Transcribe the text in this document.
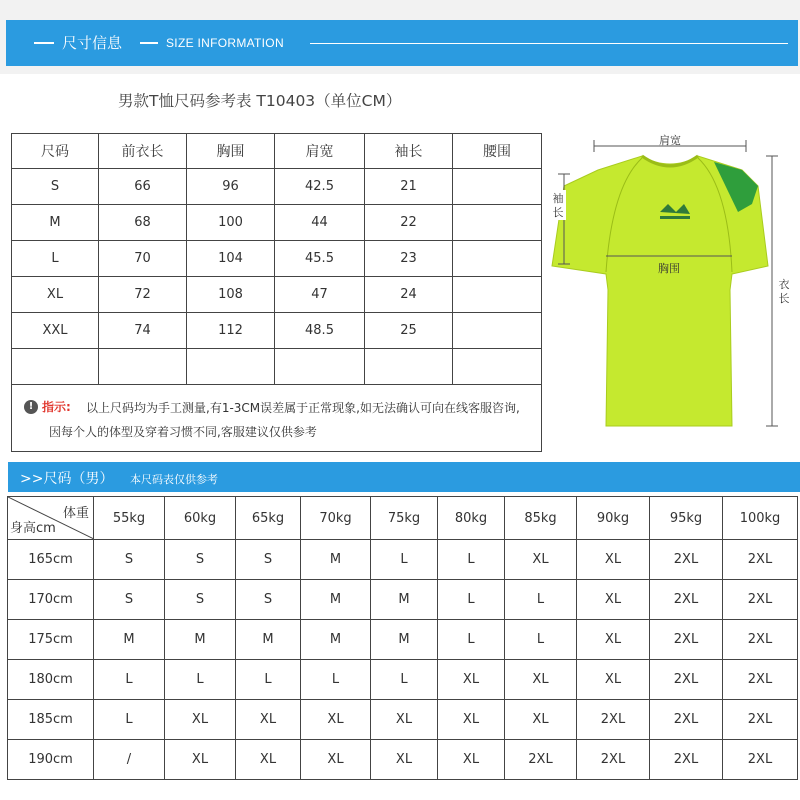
尺寸信息	SIZE INFORMATION
男款T恤尺码参考表 T10403（单位CM）
尺码	前衣长	胸围	肩宽	袖长	腰围
S	66	96	42.5	21	
M	68	100	44	22	
L	70	104	45.5	23	
XL	72	108	47	24	
XXL	74	112	48.5	25	

! 指示: 以上尺码均为手工测量,有1-3CM误差属于正常现象,如无法确认可向在线客服咨询,
因每个人的体型及穿着习惯不同,客服建议仅供参考
肩宽
袖长
胸围
衣长
>>尺码（男） 本尺码表仅供参考
体重
身高cm	55kg	60kg	65kg	70kg	75kg	80kg	85kg	90kg	95kg	100kg
165cm	S	S	S	M	L	L	XL	XL	2XL	2XL
170cm	S	S	S	M	M	L	L	XL	2XL	2XL
175cm	M	M	M	M	M	L	L	XL	2XL	2XL
180cm	L	L	L	L	L	XL	XL	XL	2XL	2XL
185cm	L	XL	XL	XL	XL	XL	XL	2XL	2XL	2XL
190cm	/	XL	XL	XL	XL	XL	2XL	2XL	2XL	2XL
